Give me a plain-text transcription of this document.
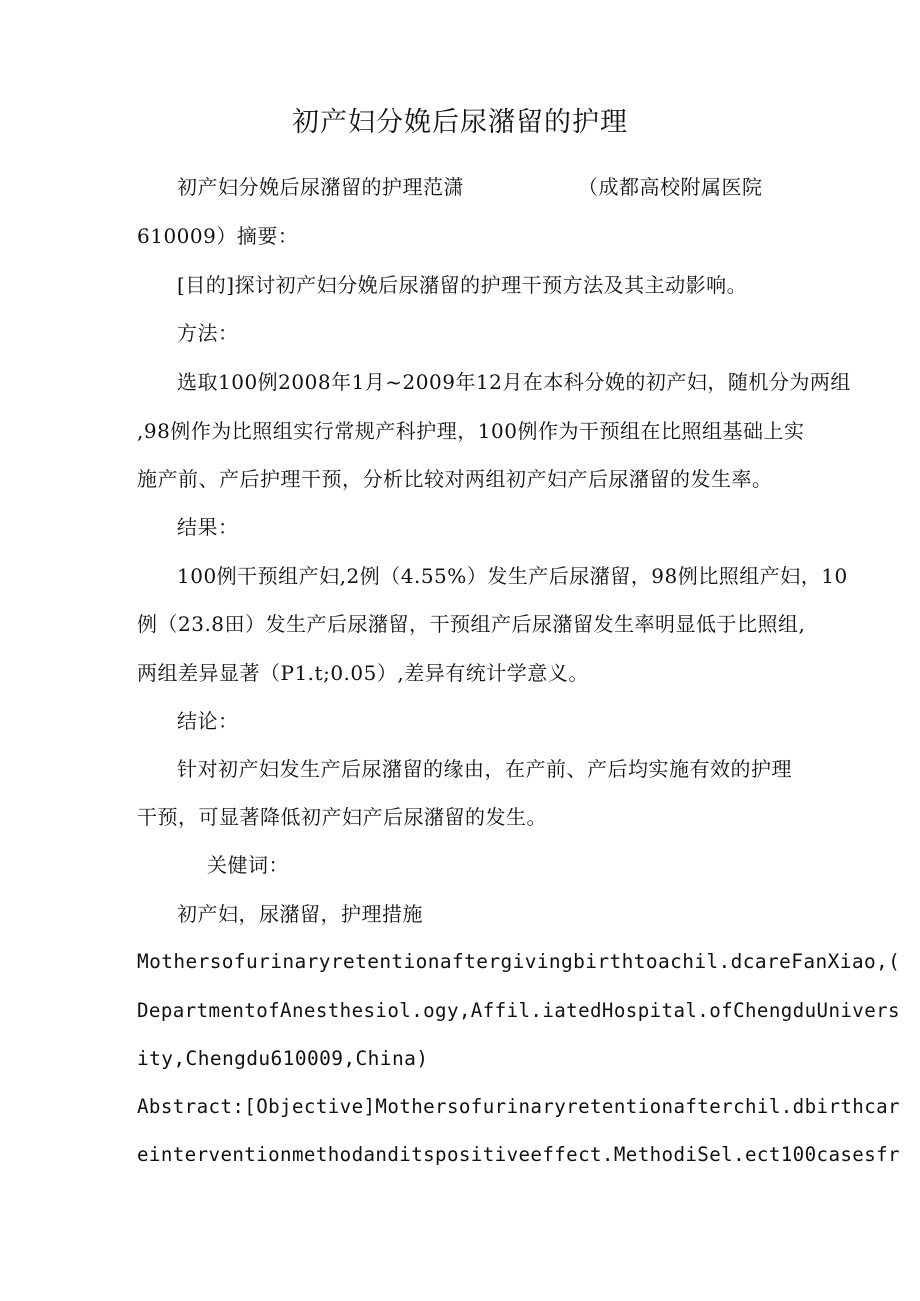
初产妇分娩后尿潴留的护理

初产妇分娩后尿潴留的护理范潇	（成都高校附属医院

610009）摘要：

[目的]探讨初产妇分娩后尿潴留的护理干预方法及其主动影响。

方法：

选取100例2008年1月~2009年12月在本科分娩的初产妇，随机分为两组

,98例作为比照组实行常规产科护理，100例作为干预组在比照组基础上实

施产前、产后护理干预，分析比较对两组初产妇产后尿潴留的发生率。

结果：

100例干预组产妇,2例（4.55%）发生产后尿潴留，98例比照组产妇，10

例（23.8田）发生产后尿潴留，干预组产后尿潴留发生率明显低于比照组,

两组差异显著（P1.t;0.05）,差异有统计学意义。

结论：

针对初产妇发生产后尿潴留的缘由，在产前、产后均实施有效的护理

干预，可显著降低初产妇产后尿潴留的发生。

关健词：

初产妇，尿潴留，护理措施

Mothersofurinaryretentionaftergivingbirthtoachil.dcareFanXiao,(

DepartmentofAnesthesiol.ogy,Affil.iatedHospital.ofChengduUnivers

ity,Chengdu610009,China)

Abstract:[Objective]Mothersofurinaryretentionafterchil.dbirthcar

einterventionmethodanditspositiveeffect.MethodiSel.ect100casesfr
